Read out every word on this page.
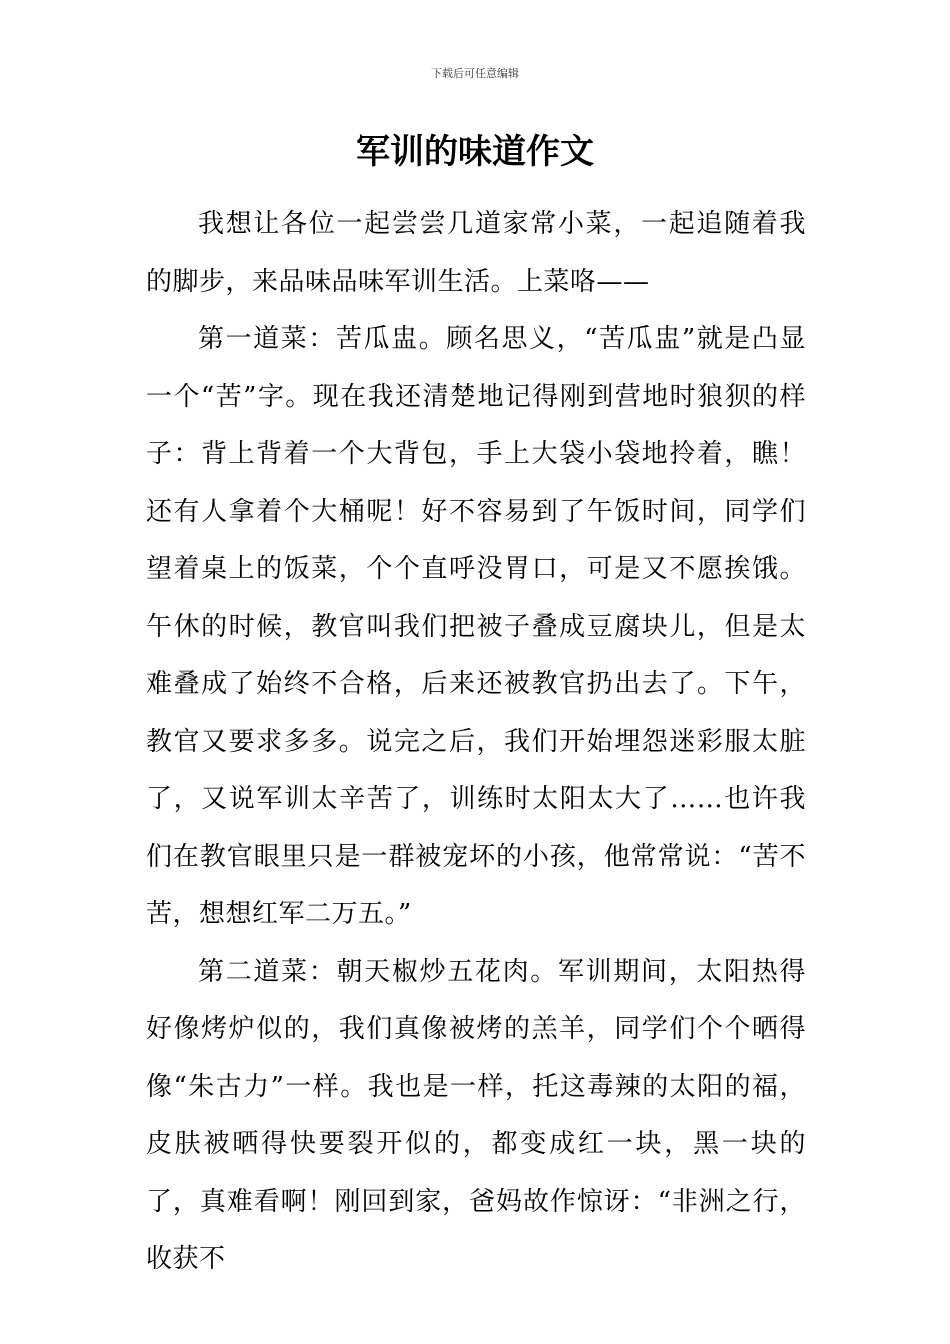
下载后可任意编辑
军训的味道作文

我想让各位一起尝尝几道家常小菜，一起追随着我的脚步，来品味品味军训生活。上菜咯——

第一道菜：苦瓜盅。顾名思义，“苦瓜盅”就是凸显一个“苦”字。现在我还清楚地记得刚到营地时狼狈的样子：背上背着一个大背包，手上大袋小袋地拎着，瞧！还有人拿着个大桶呢！好不容易到了午饭时间，同学们望着桌上的饭菜，个个直呼没胃口，可是又不愿挨饿。午休的时候，教官叫我们把被子叠成豆腐块儿，但是太难叠成了始终不合格，后来还被教官扔出去了。下午，教官又要求多多。说完之后，我们开始埋怨迷彩服太脏了，又说军训太辛苦了，训练时太阳太大了……也许我们在教官眼里只是一群被宠坏的小孩，他常常说：“苦不苦，想想红军二万五。”

第二道菜：朝天椒炒五花肉。军训期间，太阳热得好像烤炉似的，我们真像被烤的羔羊，同学们个个晒得像“朱古力”一样。我也是一样，托这毒辣的太阳的福，皮肤被晒得快要裂开似的，都变成红一块，黑一块的了，真难看啊！刚回到家，爸妈故作惊讶：“非洲之行，收获不
